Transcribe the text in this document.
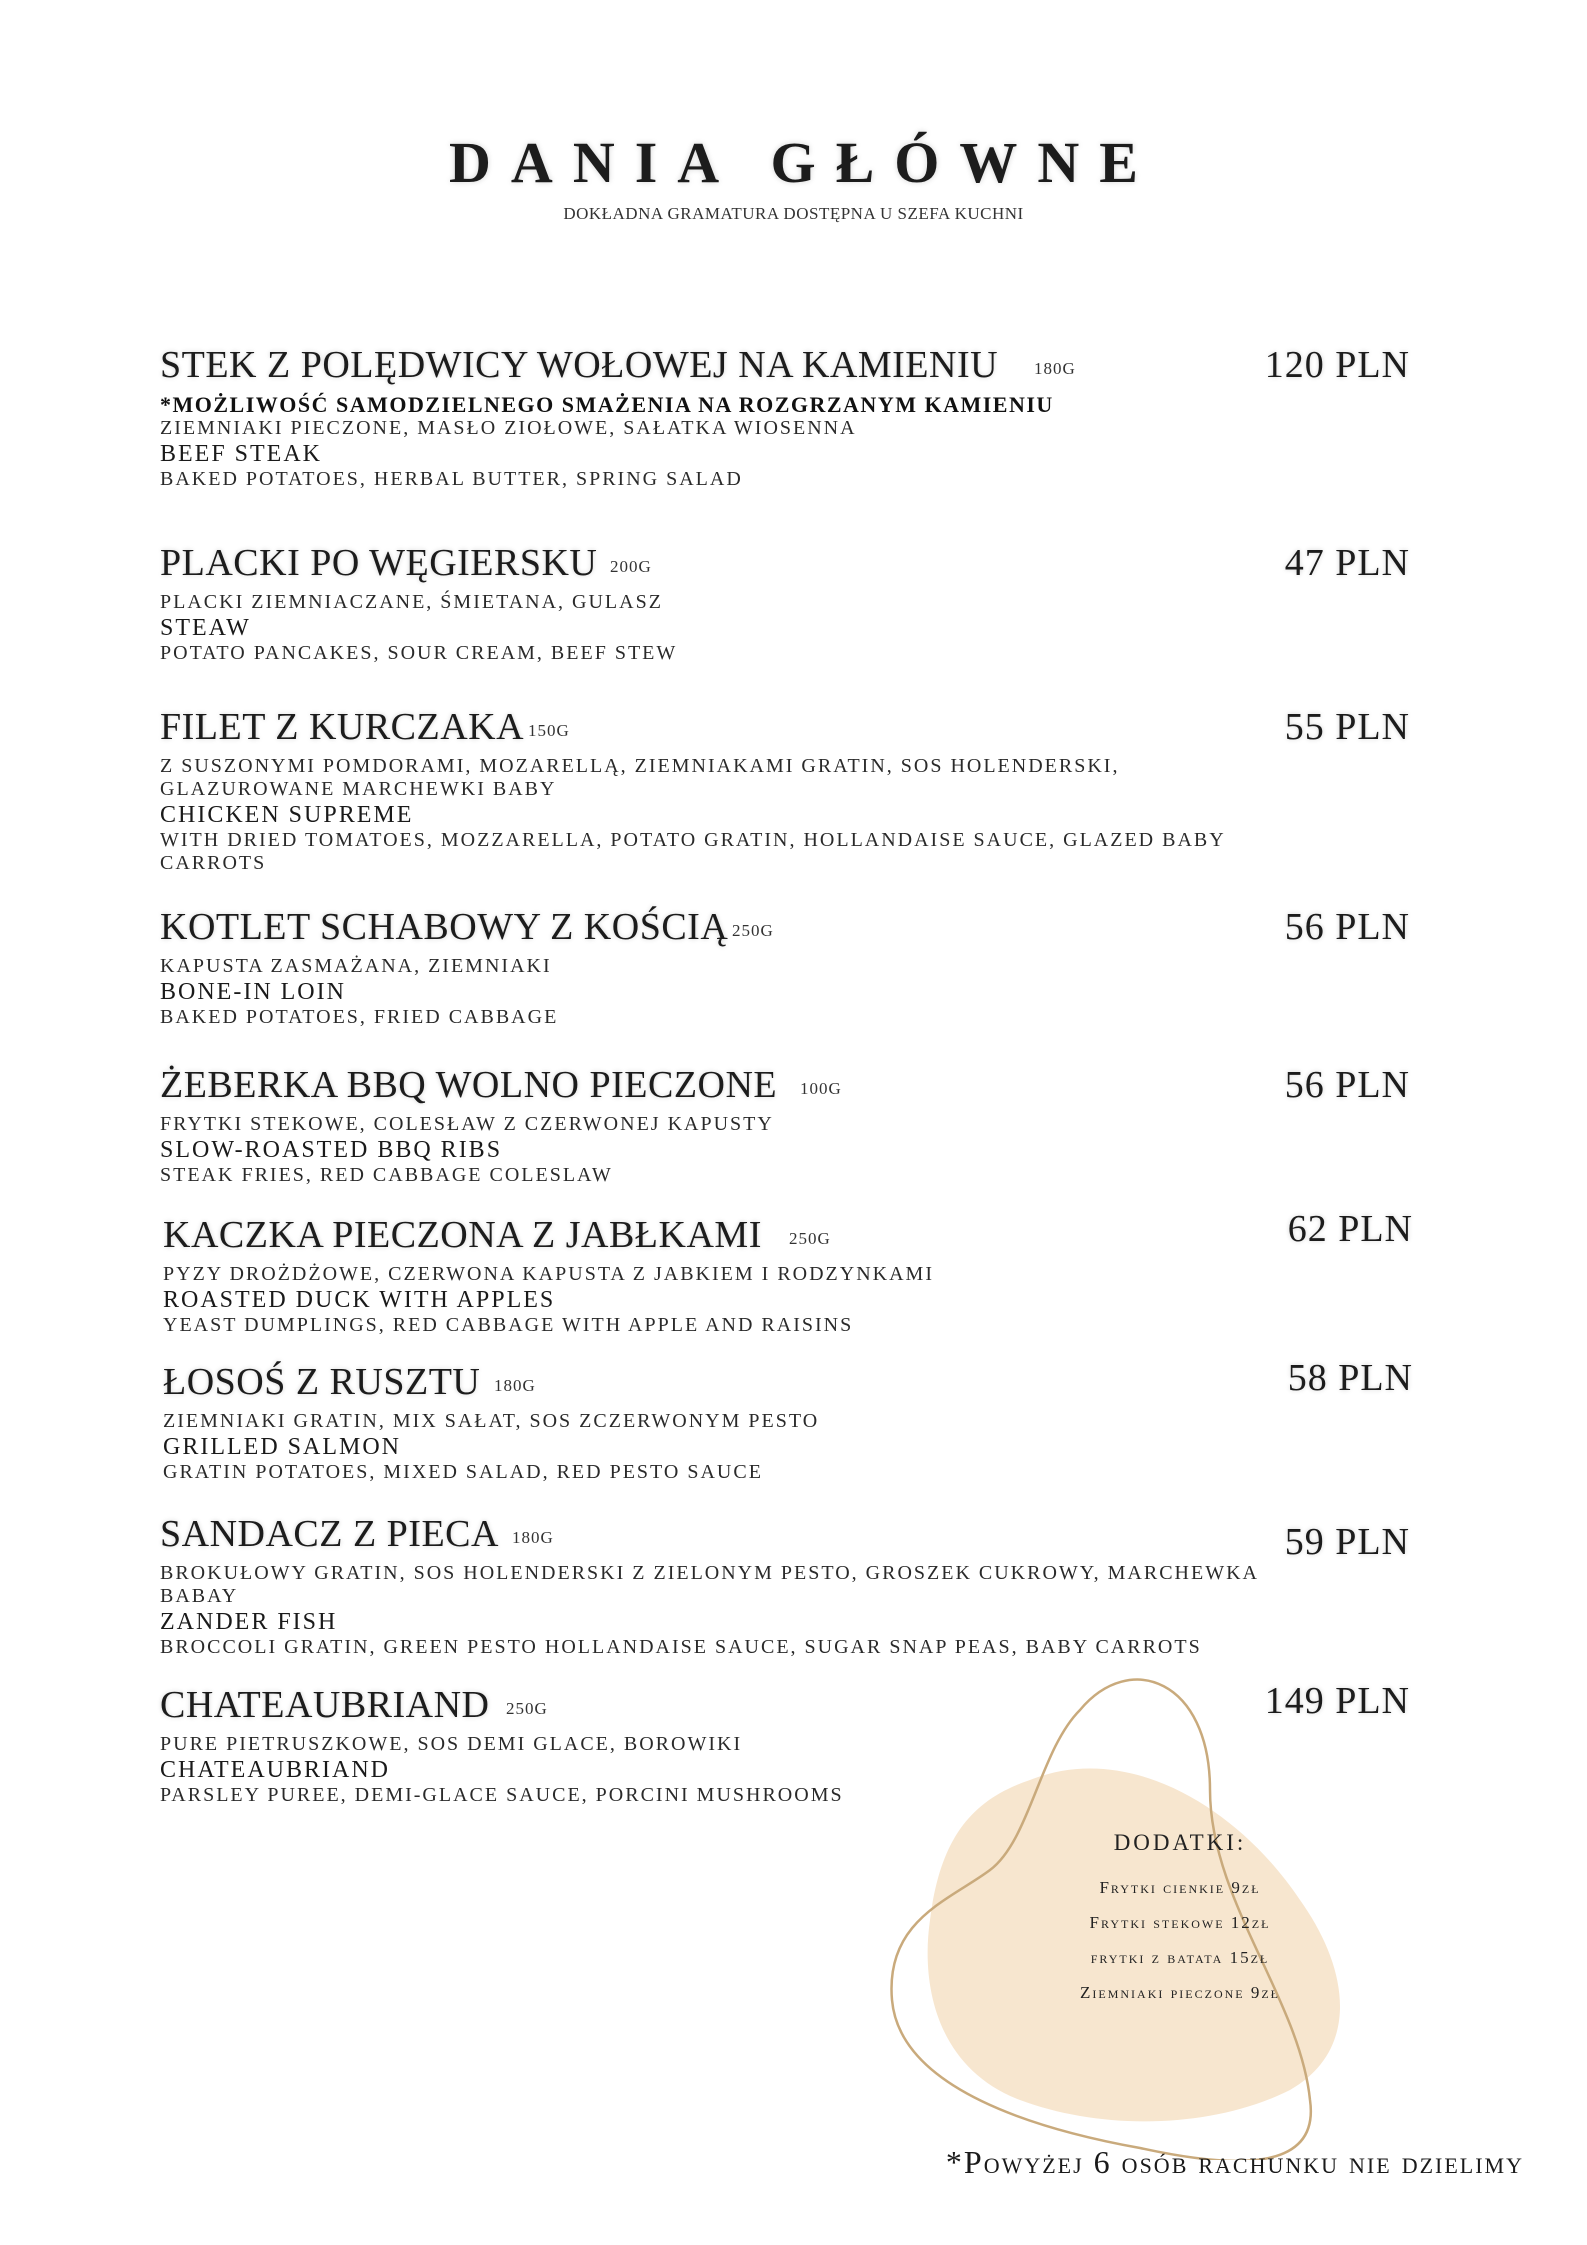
DANIA GŁÓWNE
DOKŁADNA GRAMATURA DOSTĘPNA U SZEFA KUCHNI
STEK Z POLĘDWICY WOŁOWEJ NA KAMIENIU 180G	120 PLN
*MOŻLIWOŚĆ SAMODZIELNEGO SMAŻENIA NA ROZGRZANYM KAMIENIU
ZIEMNIAKI PIECZONE, MASŁO ZIOŁOWE, SAŁATKA WIOSENNA
BEEF STEAK
BAKED POTATOES, HERBAL BUTTER, SPRING SALAD
PLACKI PO WĘGIERSKU 200G	47 PLN
PLACKI ZIEMNIACZANE, ŚMIETANA, GULASZ
STEAW
POTATO PANCAKES, SOUR CREAM, BEEF STEW
FILET Z KURCZAKA 150G	55 PLN
Z SUSZONYMI POMDORAMI, MOZARELLĄ, ZIEMNIAKAMI GRATIN, SOS HOLENDERSKI, GLAZUROWANE MARCHEWKI BABY
CHICKEN SUPREME
WITH DRIED TOMATOES, MOZZARELLA, POTATO GRATIN, HOLLANDAISE SAUCE, GLAZED BABY CARROTS
KOTLET SCHABOWY Z KOŚCIĄ 250G	56 PLN
KAPUSTA ZASMAŻANA, ZIEMNIAKI
BONE-IN LOIN
BAKED POTATOES, FRIED CABBAGE
ŻEBERKA BBQ WOLNO PIECZONE 100G	56 PLN
FRYTKI STEKOWE, COLESŁAW Z CZERWONEJ KAPUSTY
SLOW-ROASTED BBQ RIBS
STEAK FRIES, RED CABBAGE COLESLAW
KACZKA PIECZONA Z JABŁKAMI 250G	62 PLN
PYZY DROŻDŻOWE, CZERWONA KAPUSTA Z JABKIEM I RODZYNKAMI
ROASTED DUCK WITH APPLES
YEAST DUMPLINGS, RED CABBAGE WITH APPLE AND RAISINS
ŁOSOŚ Z RUSZTU 180G	58 PLN
ZIEMNIAKI GRATIN, MIX SAŁAT, SOS ZCZERWONYM PESTO
GRILLED SALMON
GRATIN POTATOES, MIXED SALAD, RED PESTO SAUCE
SANDACZ Z PIECA 180G	59 PLN
BROKUŁOWY GRATIN, SOS HOLENDERSKI Z ZIELONYM PESTO, GROSZEK CUKROWY, MARCHEWKA BABAY
ZANDER FISH
BROCCOLI GRATIN, GREEN PESTO HOLLANDAISE SAUCE, SUGAR SNAP PEAS, BABY CARROTS
CHATEAUBRIAND 250G	149 PLN
PURE PIETRUSZKOWE, SOS DEMI GLACE, BOROWIKI
CHATEAUBRIAND
PARSLEY PUREE, DEMI-GLACE SAUCE, PORCINI MUSHROOMS
DODATKI:
Frytki cienkie 9zł
Frytki stekowe 12zł
frytki z batata 15zł
Ziemniaki pieczone 9zł
*Powyżej 6 osób rachunku nie dzielimy
